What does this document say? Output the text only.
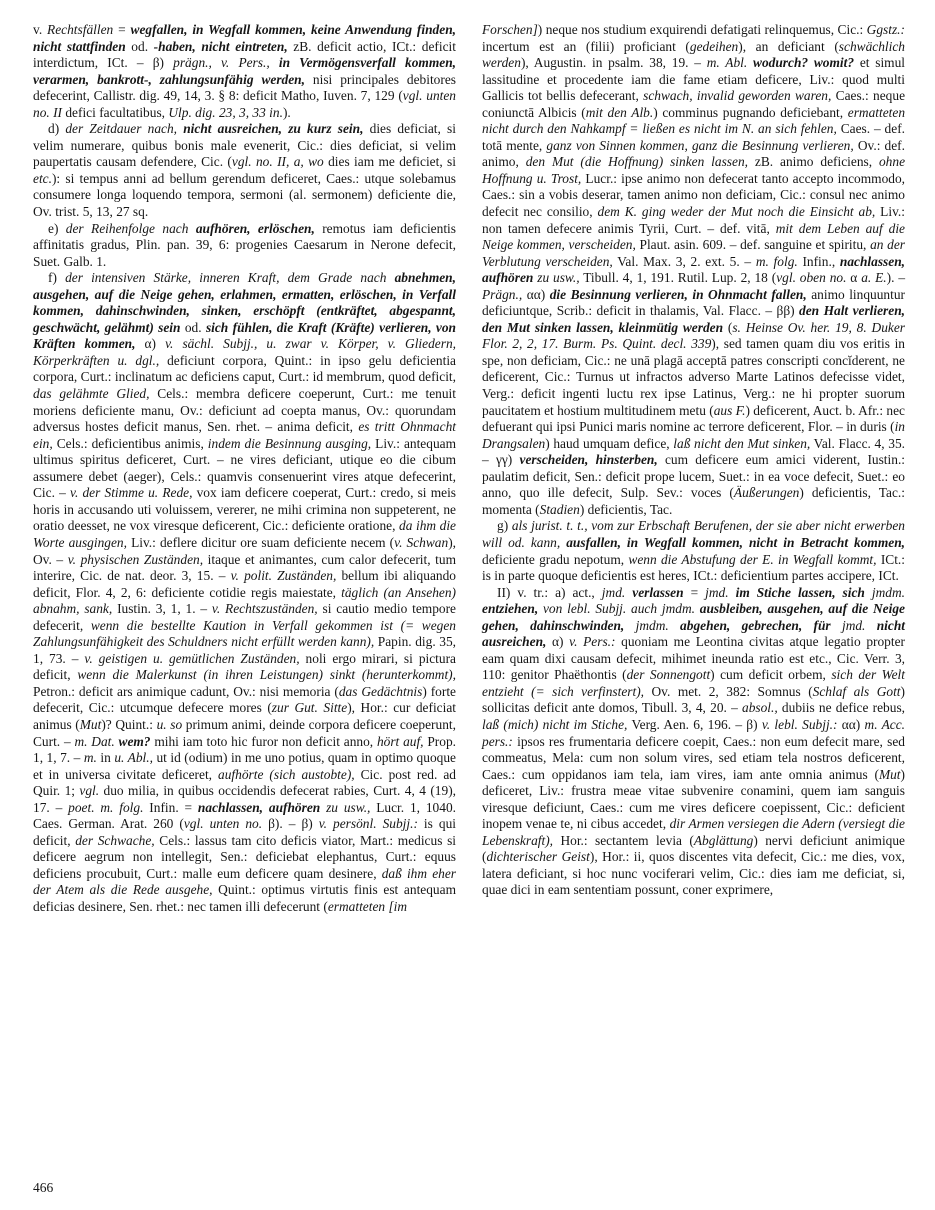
v. Rechtsfällen = wegfallen, in Wegfall kommen, keine Anwendung finden, nicht stattfinden od. -haben, nicht eintreten, zB. deficit actio, ICt.: deficit interdictum, ICt. – β) prägn., v. Pers., in Vermögensverfall kommen, verarmen, bankrott-, zahlungsunfähig werden, nisi principales debitores defecerint, Callistr. dig. 49, 14, 3. § 8: deficit Matho, Iuven. 7, 129 (vgl. unten no. II defici facultatibus, Ulp. dig. 23, 3, 33 in.).

d) der Zeitdauer nach, nicht ausreichen, zu kurz sein, dies deficiat, si velim numerare, quibus bonis male evenerit, Cic.: dies deficiat, si velim paupertatis causam defendere, Cic. (vgl. no. II, a, wo dies iam me deficiet, si etc.): si tempus anni ad bellum gerendum deficeret, Caes.: utque solebamus consumere longa loquendo tempora, sermoni (al. sermonem) deficiente die, Ov. trist. 5, 13, 27 sq.

e) der Reihenfolge nach aufhören, erlöschen, remotus iam deficientis affinitatis gradus, Plin. pan. 39, 6: progenies Caesarum in Nerone defecit, Suet. Galb. 1.

f) der intensiven Stärke, inneren Kraft, dem Grade nach abnehmen, ausgehen, auf die Neige gehen, erlahmen, ermatten, erlöschen, in Verfall kommen, dahinschwinden, sinken, erschöpft (entkräftet, abgespannt, geschwächt, gelähmt) sein od. sich fühlen, die Kraft (Kräfte) verlieren, von Kräften kommen, α) v. sächl. Subjj., u. zwar v. Körper, v. Gliedern, Körperkräften u. dgl., deficiunt corpora, Quint.: in ipso gelu deficientia corpora, Curt.: inclinatum ac deficiens caput, Curt.: id membrum, quod deficit, das gelähmte Glied, Cels.: membra deficere coeperunt, Curt.: me tenuit moriens deficiente manu, Ov.: deficiunt ad coepta manus, Ov.: quorundam adversus hostes deficit manus, Sen. rhet. – anima deficit, es tritt Ohnmacht ein, Cels.: deficientibus animis, indem die Besinnung ausging, Liv.: antequam ultimus spiritus deficeret, Curt. – ne vires deficiant, utique eo die cibum assumere debet (aeger), Cels.: quamvis consenuerint vires atque defecerint, Cic. – v. der Stimme u. Rede, vox iam deficere coeperat, Curt.: credo, si meis horis in accusando uti voluissem, vererer, ne mihi crimina non suppeterent, ne oratio deesset, ne vox viresque deficerent, Cic.: deficiente oratione, da ihm die Worte ausgingen, Liv.: deflere dicitur ore suam deficiente necem (v. Schwan), Ov. – v. physischen Zuständen, itaque et animantes, cum calor defecerit, tum interire, Cic. de nat. deor. 3, 15. – v. polit. Zuständen, bellum ibi aliquando deficit, Flor. 4, 2, 6: deficiente cotidie regis maiestate, täglich (an Ansehen) abnahm, sank, Iustin. 3, 1, 1. – v. Rechtszuständen, si cautio medio tempore defecerit, wenn die bestellte Kaution in Verfall gekommen ist (= wegen Zahlungsunfähigkeit des Schuldners nicht erfüllt werden kann), Papin. dig. 35, 1, 73. – v. geistigen u. gemütlichen Zuständen, noli ergo mirari, si pictura deficit, wenn die Malerkunst (in ihren Leistungen) sinkt (herunterkommt), Petron.: deficit ars animique cadunt, Ov.: nisi memoria (das Gedächtnis) forte defecerit, Cic.: utcumque defecere mores (zur Gut. Sitte), Hor.: cur deficiat animus (Mut)? Quint.: u. so primum animi, deinde corpora deficere coeperunt, Curt. – m. Dat. wem? mihi iam toto hic furor non deficit anno, hört auf, Prop. 1, 1, 7. – m. in u. Abl., ut id (odium) in me uno potius, quam in optimo quoque et in universa civitate deficeret, aufhörte (sich austobte), Cic. post red. ad Quir. 1; vgl. duo milia, in quibus occidendis defecerat rabies, Curt. 4, 4 (19), 17. – poet. m. folg. Infin. = nachlassen, aufhören zu usw., Lucr. 1, 1040. Caes. German. Arat. 260 (vgl. unten no. β). – β) v. persönl. Subjj.: is qui deficit, der Schwache, Cels.: lassus tam cito deficis viator, Mart.: medicus si deficere aegrum non intellegit, Sen.: deficiebat elephantus, Curt.: equus deficiens procubuit, Curt.: malle eum deficere quam desinere, daß ihm eher der Atem als die Rede ausgehe, Quint.: optimus virtutis finis est antequam deficias desinere, Sen. rhet.: nec tamen illi defecerunt (ermatteten [im

Forschen]) neque nos studium exquirendi defatigati relinquemus, Cic.: Ggstz.: incertum est an (filii) proficiant (gedeihen), an deficiant (schwächlich werden), Augustin. in psalm. 38, 19. – m. Abl. wodurch? womit? et simul lassitudine et procedente iam die fame etiam deficere, Liv.: quod multi Gallicis tot bellis defecerant, schwach, invalid geworden waren, Caes.: neque coniunctā Albicis (mit den Alb.) comminus pugnando deficiebant, ermatteten nicht durch den Nahkampf = ließen es nicht im N. an sich fehlen, Caes. – def. totā mente, ganz von Sinnen kommen, ganz die Besinnung verlieren, Ov.: def. animo, den Mut (die Hoffnung) sinken lassen, zB. animo deficiens, ohne Hoffnung u. Trost, Lucr.: ipse animo non defecerat tanto accepto incommodo, Caes.: sin a vobis deserar, tamen animo non deficiam, Cic.: consul nec animo defecit nec consilio, dem K. ging weder der Mut noch die Einsicht ab, Liv.: non tamen defecere animis Tyrii, Curt. – def. vitā, mit dem Leben auf die Neige kommen, verscheiden, Plaut. asin. 609. – def. sanguine et spiritu, an der Verblutung verscheiden, Val. Max. 3, 2. ext. 5. – m. folg. Infin., nachlassen, aufhören zu usw., Tibull. 4, 1, 191. Rutil. Lup. 2, 18 (vgl. oben no. α a. E.). – Prägn., αα) die Besinnung verlieren, in Ohnmacht fallen, animo linquuntur deficiuntque, Scrib.: deficit in thalamis, Val. Flacc. – ββ) den Halt verlieren, den Mut sinken lassen, kleinmütig werden (s. Heinse Ov. her. 19, 8. Duker Flor. 2, 2, 17. Burm. Ps. Quint. decl. 339), sed tamen quam diu vos eritis in spe, non deficiam, Cic.: ne unā plagā acceptā patres conscripti concĭderent, ne deficerent, Cic.: Turnus ut infractos adverso Marte Latinos defecisse videt, Verg.: deficit ingenti luctu rex ipse Latinus, Verg.: ne hi propter suorum paucitatem et hostium multitudinem metu (aus F.) deficerent, Auct. b. Afr.: nec defuerant qui ipsi Punici maris nomine ac terrore deficerent, Flor. – in duris (in Drangsalen) haud umquam defice, laß nicht den Mut sinken, Val. Flacc. 4, 35. – γγ) verscheiden, hinsterben, cum deficere eum amici viderent, Iustin.: paulatim deficit, Sen.: deficit prope lucem, Suet.: in ea voce defecit, Suet.: eo anno, quo ille defecit, Sulp. Sev.: voces (Äußerungen) deficientis, Tac.: momenta (Stadien) deficientis, Tac.

g) als jurist. t. t., vom zur Erbschaft Berufenen, der sie aber nicht erwerben will od. kann, ausfallen, in Wegfall kommen, nicht in Betracht kommen, deficiente gradu nepotum, wenn die Abstufung der E. in Wegfall kommt, ICt.: is in parte quoque deficientis est heres, ICt.: deficientium partes accipere, ICt.

II) v. tr.: a) act., jmd. verlassen = jmd. im Stiche lassen, sich jmdm. entziehen, von lebl. Subjj. auch jmdm. ausbleiben, ausgehen, auf die Neige gehen, dahinschwinden, jmdm. abgehen, gebrechen, für jmd. nicht ausreichen, α) v. Pers.: quoniam me Leontina civitas atque legatio propter eam quam dixi causam defecit, mihimet ineunda ratio est etc., Cic. Verr. 3, 110: genitor Phaëthontis (der Sonnengott) cum deficit orbem, sich der Welt entzieht (= sich verfinstert), Ov. met. 2, 382: Somnus (Schlaf als Gott) sollicitas deficit ante domos, Tibull. 3, 4, 20. – absol., dubiis ne defice rebus, laß (mich) nicht im Stiche, Verg. Aen. 6, 196. – β) v. lebl. Subjj.: αα) m. Acc. pers.: ipsos res frumentaria deficere coepit, Caes.: non eum defecit mare, sed commeatus, Mela: cum non solum vires, sed etiam tela nostros deficerent, Caes.: cum oppidanos iam tela, iam vires, iam ante omnia animus (Mut) deficeret, Liv.: frustra meae vitae subvenire conamini, quem iam sanguis viresque deficiunt, Caes.: cum me vires deficere coepissent, Cic.: deficient inopem venae te, ni cibus accedet, dir Armen versiegen die Adern (versiegt die Lebenskraft), Hor.: sectantem levia (Abglättung) nervi deficiunt animique (dichterischer Geist), Hor.: ii, quos discentes vita defecit, Cic.: me dies, vox, latera deficiant, si hoc nunc vociferari velim, Cic.: dies iam me deficiat, si, quae dici in eam sententiam possunt, coner exprimere,

466
